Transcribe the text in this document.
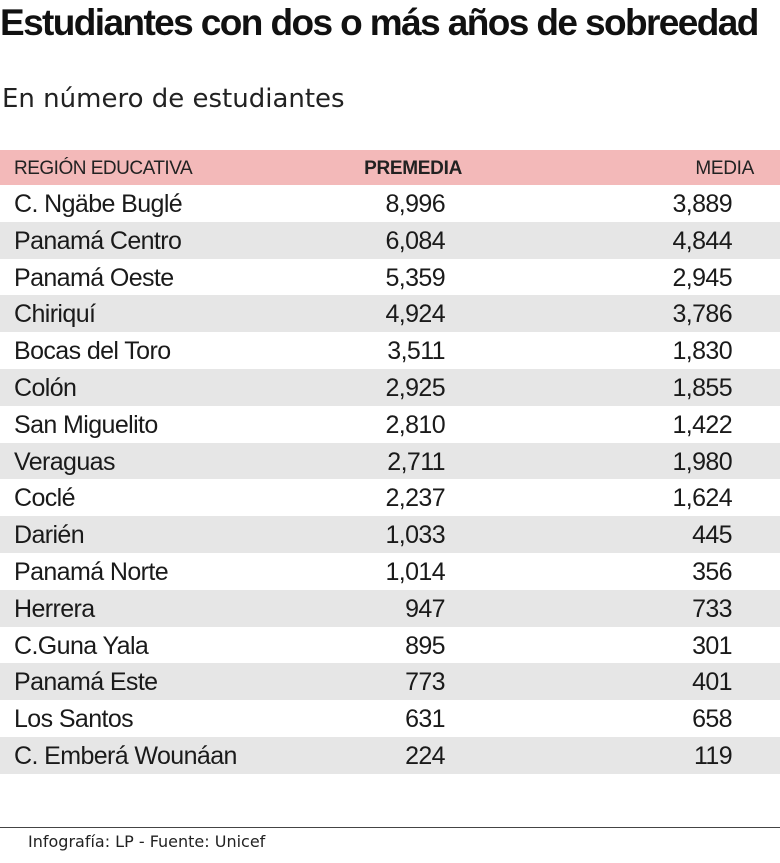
Estudiantes con dos o más años de sobreedad
En número de estudiantes
REGIÓN EDUCATIVA	PREMEDIA	MEDIA
C. Ngäbe Buglé	8,996	3,889
Panamá Centro	6,084	4,844
Panamá Oeste	5,359	2,945
Chiriquí	4,924	3,786
Bocas del Toro	3,511	1,830
Colón	2,925	1,855
San Miguelito	2,810	1,422
Veraguas	2,711	1,980
Coclé	2,237	1,624
Darién	1,033	445
Panamá Norte	1,014	356
Herrera	947	733
C.Guna Yala	895	301
Panamá Este	773	401
Los Santos	631	658
C. Emberá Wounáan	224	119
Infografía: LP - Fuente: Unicef
